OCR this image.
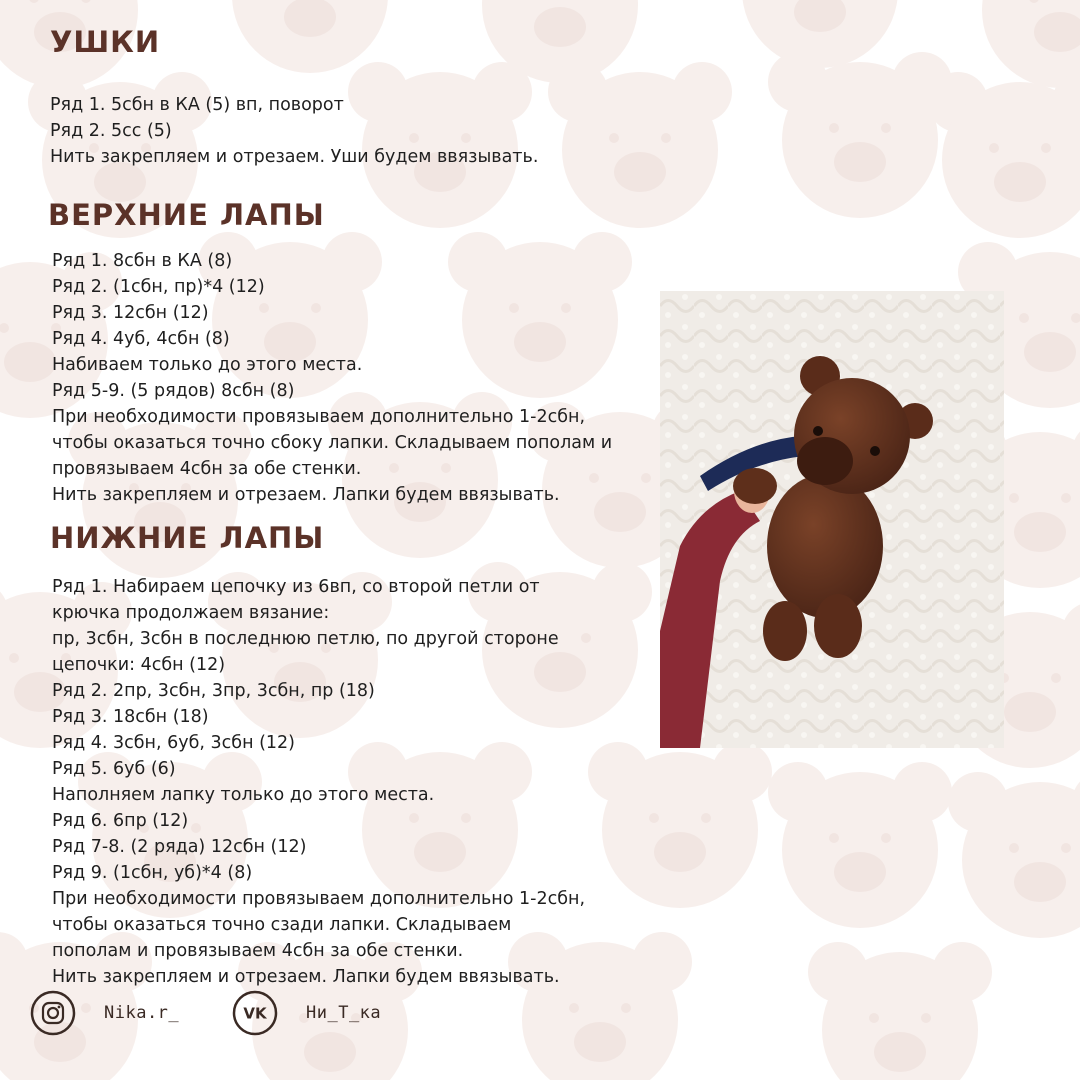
УШКИ
Ряд 1. 5сбн в КА (5) вп, поворот
Ряд 2. 5сс (5)
Нить закрепляем и отрезаем. Уши будем ввязывать.
ВЕРХНИЕ ЛАПЫ
Ряд 1. 8сбн в КА (8)
Ряд 2. (1сбн, пр)*4 (12)
Ряд 3. 12сбн (12)
Ряд 4. 4уб, 4сбн (8)
Набиваем только до этого места.
Ряд 5-9. (5 рядов) 8сбн (8)
При необходимости провязываем дополнительно 1-2сбн,
чтобы оказаться точно сбоку лапки. Складываем пополам и
провязываем 4сбн за обе стенки.
Нить закрепляем и отрезаем. Лапки будем ввязывать.
НИЖНИЕ ЛАПЫ
Ряд 1. Набираем цепочку из 6вп, со второй петли от
крючка продолжаем вязание:
пр, 3сбн, 3сбн в последнюю петлю, по другой стороне
цепочки: 4сбн (12)
Ряд 2. 2пр, 3сбн, 3пр, 3сбн, пр (18)
Ряд 3. 18сбн (18)
Ряд 4. 3сбн, 6уб, 3сбн (12)
Ряд 5. 6уб (6)
Наполняем лапку только до этого места.
Ряд 6. 6пр (12)
Ряд 7-8. (2 ряда) 12сбн (12)
Ряд 9. (1сбн, уб)*4 (8)
При необходимости провязываем дополнительно 1-2сбн,
чтобы оказаться точно сзади лапки. Складываем
пополам и провязываем 4сбн за обе стенки.
Нить закрепляем и отрезаем. Лапки будем ввязывать.
Nika.r_	VK Ни_Т_ка
